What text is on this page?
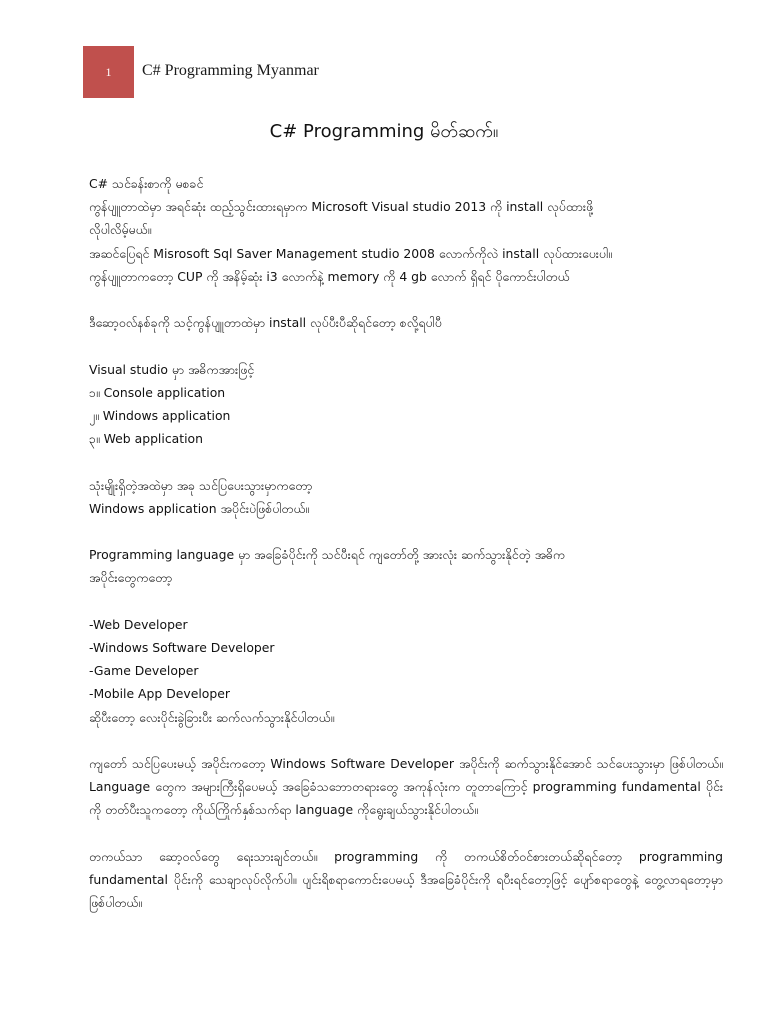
1 C# Programming Myanmar
C# Programming မိတ်ဆက်။
C# သင်ခန်းစာကို မစခင်
ကွန်ပျူတာထဲမှာ အရင်ဆုံး ထည့်သွင်းထားရမှာက Microsoft Visual studio 2013 ကို install လုပ်ထားဖို့
လိုပါလိမ့်မယ်။
အဆင်ပြေရင် Misrosoft Sql Saver Management studio 2008 လောက်ကိုလဲ install လုပ်ထားပေးပါ။
ကွန်ပျူတာကတော့ CUP ကို အနိမ့်ဆုံး i3 လောက်နဲ့ memory ကို 4 gb လောက် ရှိရင် ပိုကောင်းပါတယ်
ဒီဆော့ဝလ်နစ်ခုကို သင့်ကွန်ပျူတာထဲမှာ install လုပ်ပီးပီဆိုရင်တော့ စလို့ရပါပီ
Visual studio မှာ အဓိကအားဖြင့်
၁။ Console application
၂။ Windows application
၃။ Web application
သုံးမျိုးရှိတဲ့အထဲမှာ အခု သင်ပြပေးသွားမှာကတော့
Windows application အပိုင်းပဲဖြစ်ပါတယ်။
Programming language မှာ အခြေခံပိုင်းကို သင်ပီးရင် ကျတော်တို့ အားလုံး ဆက်သွားနိုင်တဲ့ အဓိက
အပိုင်းတွေကတော့
-Web Developer
-Windows Software Developer
-Game Developer
-Mobile App Developer
ဆိုပီးတော့ လေးပိုင်းခွဲခြားပီး ဆက်လက်သွားနိုင်ပါတယ်။
ကျတော် သင်ပြပေးမယ့် အပိုင်းကတော့ Windows Software Developer အပိုင်းကို ဆက်သွားနိုင်အောင် သင်ပေးသွားမှာ ဖြစ်ပါတယ်။ Language တွေက အများကြီးရှိပေမယ့် အခြေခံသဘောတရားတွေ အကုန်လုံးက တူတာကြောင့် programming fundamental ပိုင်းကို တတ်ပီးသူကတော့ ကိုယ်ကြိုက်နှစ်သက်ရာ language ကိုရွေးချယ်သွားနိုင်ပါတယ်။
တကယ်သာ ဆော့ဝလ်တွေ ရေးသားချင်တယ်။ programming ကို တကယ်စိတ်ဝင်စားတယ်ဆိုရင်တော့ programming fundamental ပိုင်းကို သေချာလုပ်လိုက်ပါ။ ပျင်းရိစရာကောင်းပေမယ့် ဒီအခြေခံပိုင်းကို ရပီးရင်တော့ဖြင့် ပျော်စရာတွေနဲ့ တွေ့လာရတော့မှာဖြစ်ပါတယ်။
